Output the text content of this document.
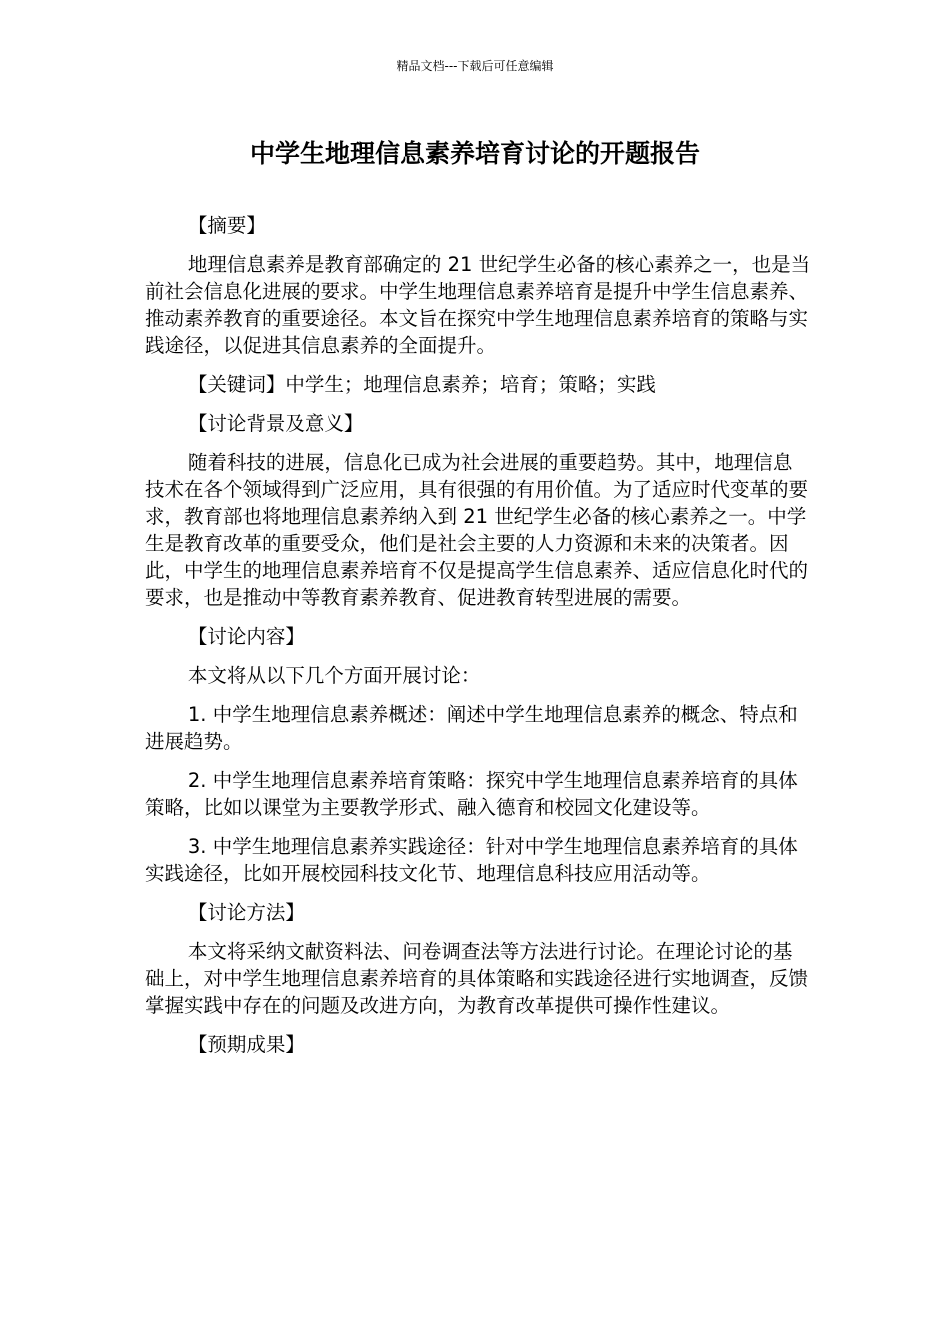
精品文档---下载后可任意编辑
中学生地理信息素养培育讨论的开题报告

【摘要】

地理信息素养是教育部确定的 21 世纪学生必备的核心素养之一，也是当前社会信息化进展的要求。中学生地理信息素养培育是提升中学生信息素养、推动素养教育的重要途径。本文旨在探究中学生地理信息素养培育的策略与实践途径，以促进其信息素养的全面提升。

【关键词】中学生；地理信息素养；培育；策略；实践

【讨论背景及意义】

随着科技的进展，信息化已成为社会进展的重要趋势。其中，地理信息技术在各个领域得到广泛应用，具有很强的有用价值。为了适应时代变革的要求，教育部也将地理信息素养纳入到 21 世纪学生必备的核心素养之一。中学生是教育改革的重要受众，他们是社会主要的人力资源和未来的决策者。因此，中学生的地理信息素养培育不仅是提高学生信息素养、适应信息化时代的要求，也是推动中等教育素养教育、促进教育转型进展的需要。

【讨论内容】

本文将从以下几个方面开展讨论：

1. 中学生地理信息素养概述：阐述中学生地理信息素养的概念、特点和进展趋势。

2. 中学生地理信息素养培育策略：探究中学生地理信息素养培育的具体策略，比如以课堂为主要教学形式、融入德育和校园文化建设等。

3. 中学生地理信息素养实践途径：针对中学生地理信息素养培育的具体实践途径，比如开展校园科技文化节、地理信息科技应用活动等。

【讨论方法】

本文将采纳文献资料法、问卷调查法等方法进行讨论。在理论讨论的基础上，对中学生地理信息素养培育的具体策略和实践途径进行实地调查，反馈掌握实践中存在的问题及改进方向，为教育改革提供可操作性建议。

【预期成果】
